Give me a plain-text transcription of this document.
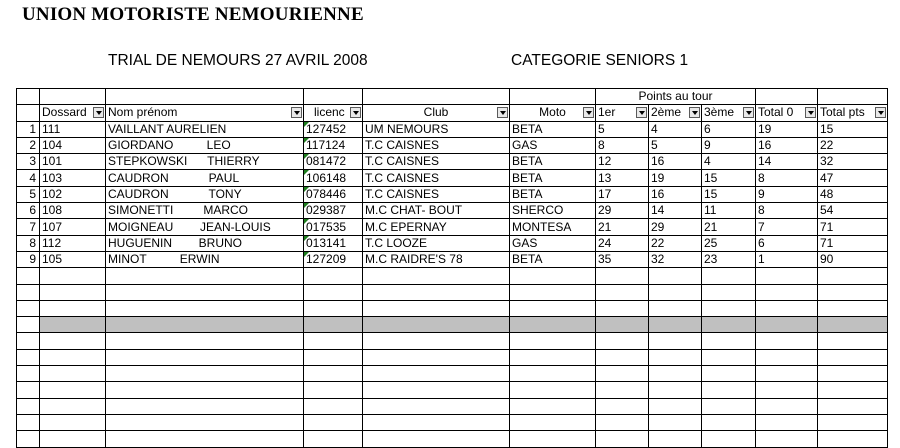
UNION MOTORISTE NEMOURIENNE
TRIAL DE NEMOURS 27 AVRIL 2008	CATEGORIE SENIORS 1
						Points au tour				
	Dossard	Nom prénom	licenc	Club	Moto	1er	2ème	3ème	Total 0	Total pts

1	111	VAILLANT AURELIEN	127452	UM NEMOURS	BETA	5	4	6	19	15
2	104	GIORDANO          LEO	117124	T.C CAISNES	GAS	8	5	9	16	22
3	101	STEPKOWSKI      THIERRY	081472	T.C CAISNES	BETA	12	16	4	14	32
4	103	CAUDRON            PAUL	106148	T.C CAISNES	BETA	13	19	15	8	47
5	102	CAUDRON            TONY	078446	T.C CAISNES	BETA	17	16	15	9	48
6	108	SIMONETTI         MARCO	029387	M.C CHAT- BOUT	SHERCO	29	14	11	8	54
7	107	MOIGNEAU        JEAN-LOUIS	017535	M.C EPERNAY	MONTESA	21	29	21	7	71
8	112	HUGUENIN        BRUNO	013141	T.C LOOZE	GAS	24	22	25	6	71
9	105	MINOT          ERWIN	127209	M.C RAIDRE'S 78	BETA	35	32	23	1	90
